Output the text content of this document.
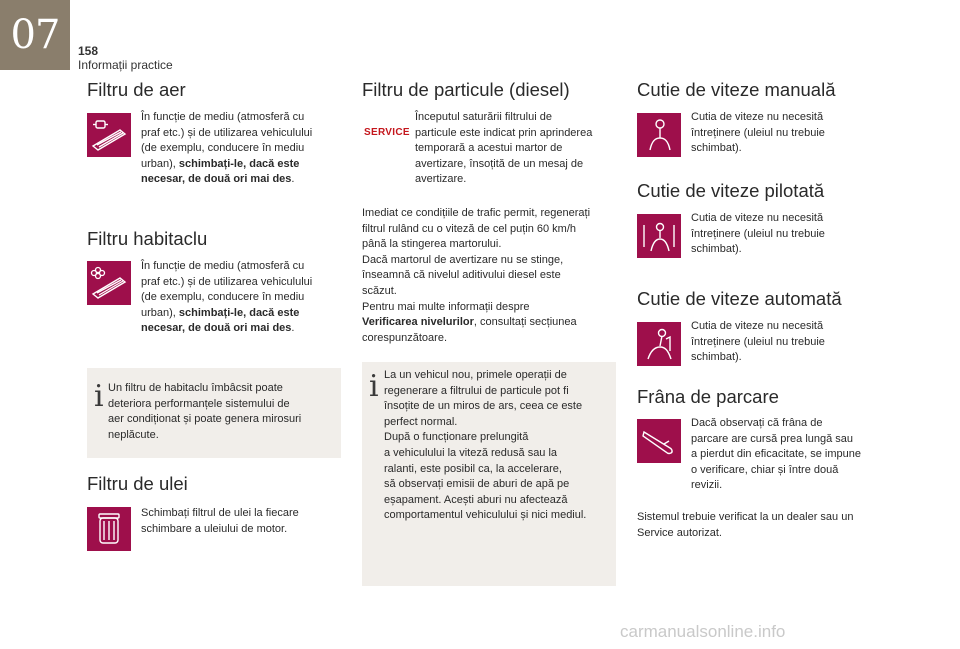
07	158
Informații practice
Filtru de aer
În funcție de mediu (atmosferă cu
praf etc.) și de utilizarea vehiculului
(de exemplu, conducere în mediu
urban), schimbați-le, dacă este
necesar, de două ori mai des.
Filtru habitaclu
În funcție de mediu (atmosferă cu
praf etc.) și de utilizarea vehiculului
(de exemplu, conducere în mediu
urban), schimbați-le, dacă este
necesar, de două ori mai des.
i Un filtru de habitaclu îmbâcsit poate
deteriora performanțele sistemului de
aer condiționat și poate genera mirosuri
neplăcute.
Filtru de ulei
Schimbați filtrul de ulei la fiecare
schimbare a uleiului de motor.
Filtru de particule (diesel)
SERVICE
Începutul saturării filtrului de
particule este indicat prin aprinderea
temporară a acestui martor de
avertizare, însoțită de un mesaj de
avertizare.
Imediat ce condițiile de trafic permit, regenerați
filtrul rulând cu o viteză de cel puțin 60 km/h
până la stingerea martorului.
Dacă martorul de avertizare nu se stinge,
înseamnă că nivelul aditivului diesel este
scăzut.
Pentru mai multe informații despre
Verificarea nivelurilor, consultați secțiunea
corespunzătoare.
i La un vehicul nou, primele operații de
regenerare a filtrului de particule pot fi
însoțite de un miros de ars, ceea ce este
perfect normal.
După o funcționare prelungită
a vehiculului la viteză redusă sau la
ralanti, este posibil ca, la accelerare,
să observați emisii de aburi de apă pe
eșapament. Acești aburi nu afectează
comportamentul vehiculului și nici mediul.
Cutie de viteze manuală
Cutia de viteze nu necesită
întreținere (uleiul nu trebuie
schimbat).
Cutie de viteze pilotată
Cutia de viteze nu necesită
întreținere (uleiul nu trebuie
schimbat).
Cutie de viteze automată
Cutia de viteze nu necesită
întreținere (uleiul nu trebuie
schimbat).
Frâna de parcare
Dacă observați că frâna de
parcare are cursă prea lungă sau
a pierdut din eficacitate, se impune
o verificare, chiar și între două
revizii.
Sistemul trebuie verificat la un dealer sau un
Service autorizat.
carmanualsonline.info
